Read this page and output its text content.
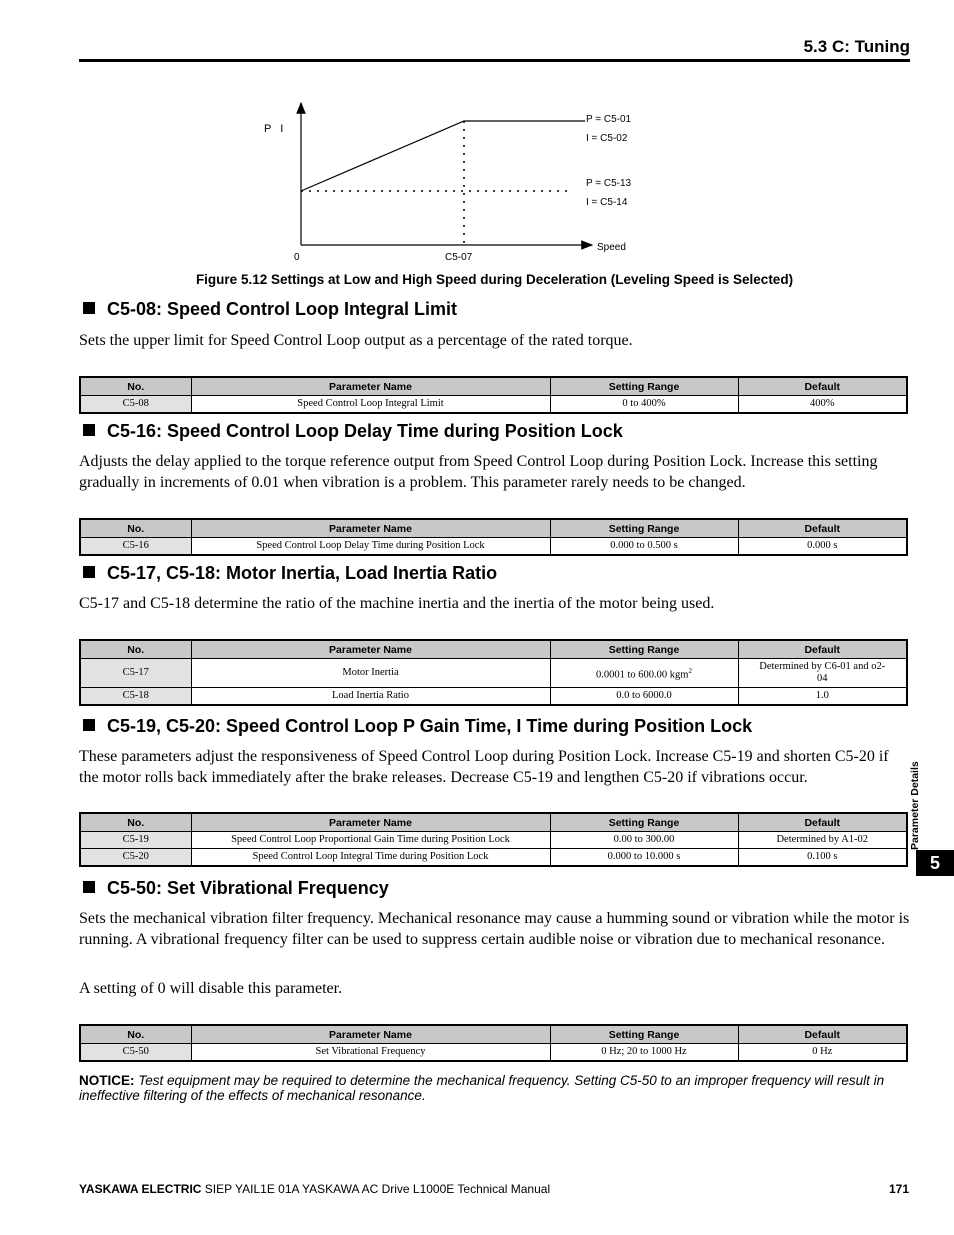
5.3 C: Tuning
P   I
0	C5-07
Speed
P = C5-01
I = C5-02
P = C5-13
I = C5-14
Figure 5.12 Settings at Low and High Speed during Deceleration (Leveling Speed is Selected)
C5-08: Speed Control Loop Integral Limit
Sets the upper limit for Speed Control Loop output as a percentage of the rated torque.
No.	Parameter Name	Setting Range	Default
C5-08	Speed Control Loop Integral Limit	0 to 400%	400%
C5-16: Speed Control Loop Delay Time during Position Lock
Adjusts the delay applied to the torque reference output from Speed Control Loop during Position Lock. Increase this setting gradually in increments of 0.01 when vibration is a problem. This parameter rarely needs to be changed.
No.	Parameter Name	Setting Range	Default
C5-16	Speed Control Loop Delay Time during Position Lock	0.000 to 0.500 s	0.000 s
C5-17, C5-18: Motor Inertia, Load Inertia Ratio
C5-17 and C5-18 determine the ratio of the machine inertia and the inertia of the motor being used.
No.	Parameter Name	Setting Range	Default
C5-17	Motor Inertia	0.0001 to 600.00 kgm$^2$	Determined by C6-01 and o2-04
C5-18	Load Inertia Ratio	0.0 to 6000.0	1.0
C5-19, C5-20: Speed Control Loop P Gain Time, I Time during Position Lock
These parameters adjust the responsiveness of Speed Control Loop during Position Lock. Increase C5-19 and shorten C5-20 if the motor rolls back immediately after the brake releases. Decrease C5-19 and lengthen C5-20 if vibrations occur.
No.	Parameter Name	Setting Range	Default
C5-19	Speed Control Loop Proportional Gain Time during Position Lock	0.00 to 300.00	Determined by A1-02
C5-20	Speed Control Loop Integral Time during Position Lock	0.000 to 10.000 s	0.100 s
C5-50: Set Vibrational Frequency
Sets the mechanical vibration filter frequency. Mechanical resonance may cause a humming sound or vibration while the motor is running. A vibrational frequency filter can be used to suppress certain audible noise or vibration due to mechanical resonance.
A setting of 0 will disable this parameter.
No.	Parameter Name	Setting Range	Default
C5-50	Set Vibrational Frequency	0 Hz; 20 to 1000 Hz	0 Hz
NOTICE: Test equipment may be required to determine the mechanical frequency. Setting C5-50 to an improper frequency will result in ineffective filtering of the effects of mechanical resonance.
Parameter Details
5
YASKAWA ELECTRIC SIEP YAIL1E 01A YASKAWA AC Drive L1000E Technical Manual	171
